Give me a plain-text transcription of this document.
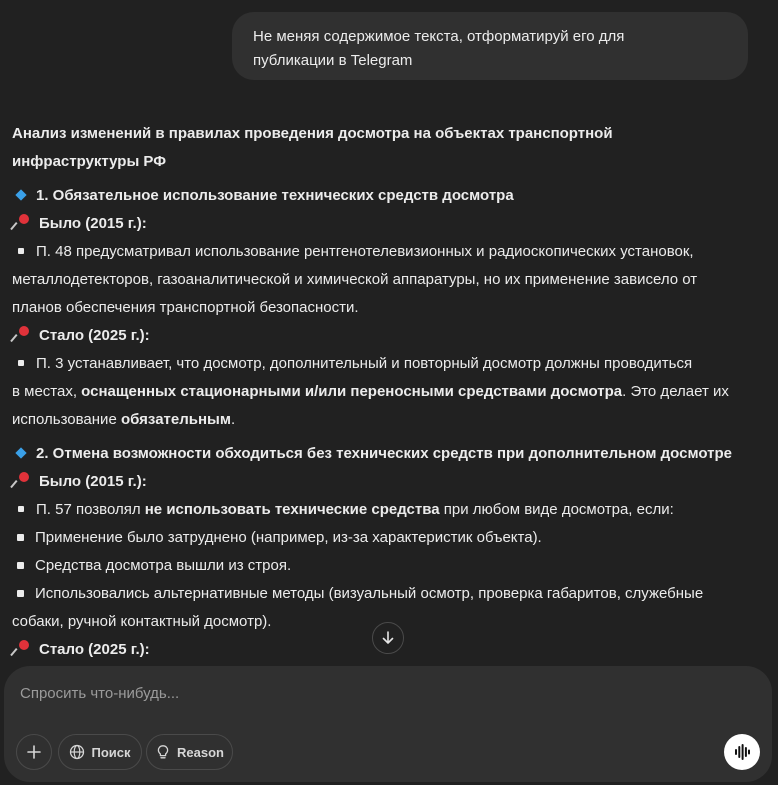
Не меняя содержимое текста, отформатируй его для
публикации в Telegram

Анализ изменений в правилах проведения досмотра на объектах транспортной

инфраструктуры РФ

1. Обязательное использование технических средств досмотра

Было (2015 г.):

П. 48 предусматривал использование рентгенотелевизионных и радиоскопических установок,

металлодетекторов, газоаналитической и химической аппаратуры, но их применение зависело от

планов обеспечения транспортной безопасности.

Стало (2025 г.):

П. 3 устанавливает, что досмотр, дополнительный и повторный досмотр должны проводиться

в местах, оснащенных стационарными и/или переносными средствами досмотра. Это делает их

использование обязательным.

2. Отмена возможности обходиться без технических средств при дополнительном досмотре

Было (2015 г.):

П. 57 позволял не использовать технические средства при любом виде досмотра, если:

Применение было затруднено (например, из-за характеристик объекта).

Средства досмотра вышли из строя.

Использовались альтернативные методы (визуальный осмотр, проверка габаритов, служебные

собаки, ручной контактный досмотр).

Стало (2025 г.):

Спросить что-нибудь...
Поиск	Reason
